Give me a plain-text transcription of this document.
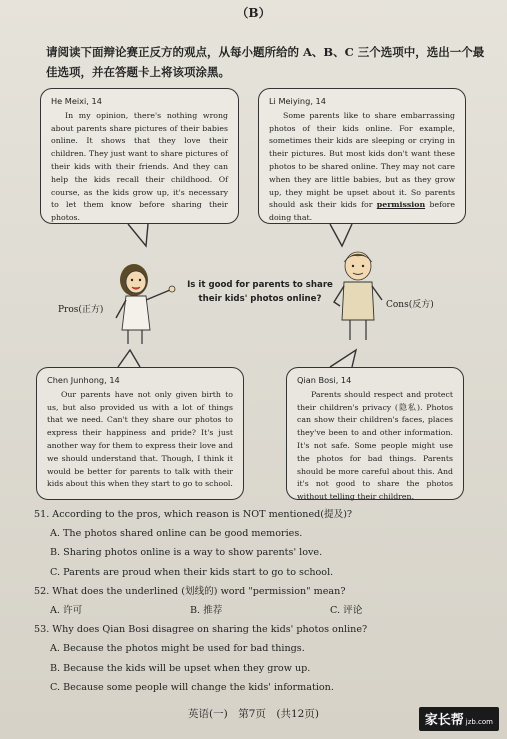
（B）
请阅读下面辩论赛正反方的观点，从每小题所给的 A、B、C 三个选项中，选出一个最佳选项，并在答题卡上将该项涂黑。
He Meixi, 14
In my opinion, there's nothing wrong about parents share pictures of their babies online. It shows that they love their children. They just want to share pictures of their kids with their friends. And they can help the kids recall their childhood. Of course, as the kids grow up, it's necessary to let them know before sharing their photos.
Li Meiying, 14
Some parents like to share embarrassing photos of their kids online. For example, sometimes their kids are sleeping or crying in their pictures. But most kids don't want these photos to be shared online. They may not care when they are little babies, but as they grow up, they might be upset about it. So parents should ask their kids for permission before doing that.
Chen Junhong, 14
Our parents have not only given birth to us, but also provided us with a lot of things that we need. Can't they share our photos to express their happiness and pride? It's just another way for them to express their love and we should understand that. Though, I think it would be better for parents to talk with their kids about this when they start to go to school.
Qian Bosi, 14
Parents should respect and protect their children's privacy (隐私). Photos can show their children's faces, places they've been to and other information. It's not safe. Some people might use the photos for bad things. Parents should be more careful about this. And it's not good to share the photos without telling their children.
Is it good for parents to share
their kids' photos online?
Pros(正方)	Cons(反方)
51. According to the pros, which reason is NOT mentioned(提及)?
A. The photos shared online can be good memories.
B. Sharing photos online is a way to show parents' love.
C. Parents are proud when their kids start to go to school.
52. What does the underlined (划线的) word "permission" mean?
A. 许可	B. 推荐	C. 评论
53. Why does Qian Bosi disagree on sharing the kids' photos online?
A. Because the photos might be used for bad things.
B. Because the kids will be upset when they grow up.
C. Because some people will change the kids' information.
英语(一)　第7页　(共12页)	家长帮 jzb.com
